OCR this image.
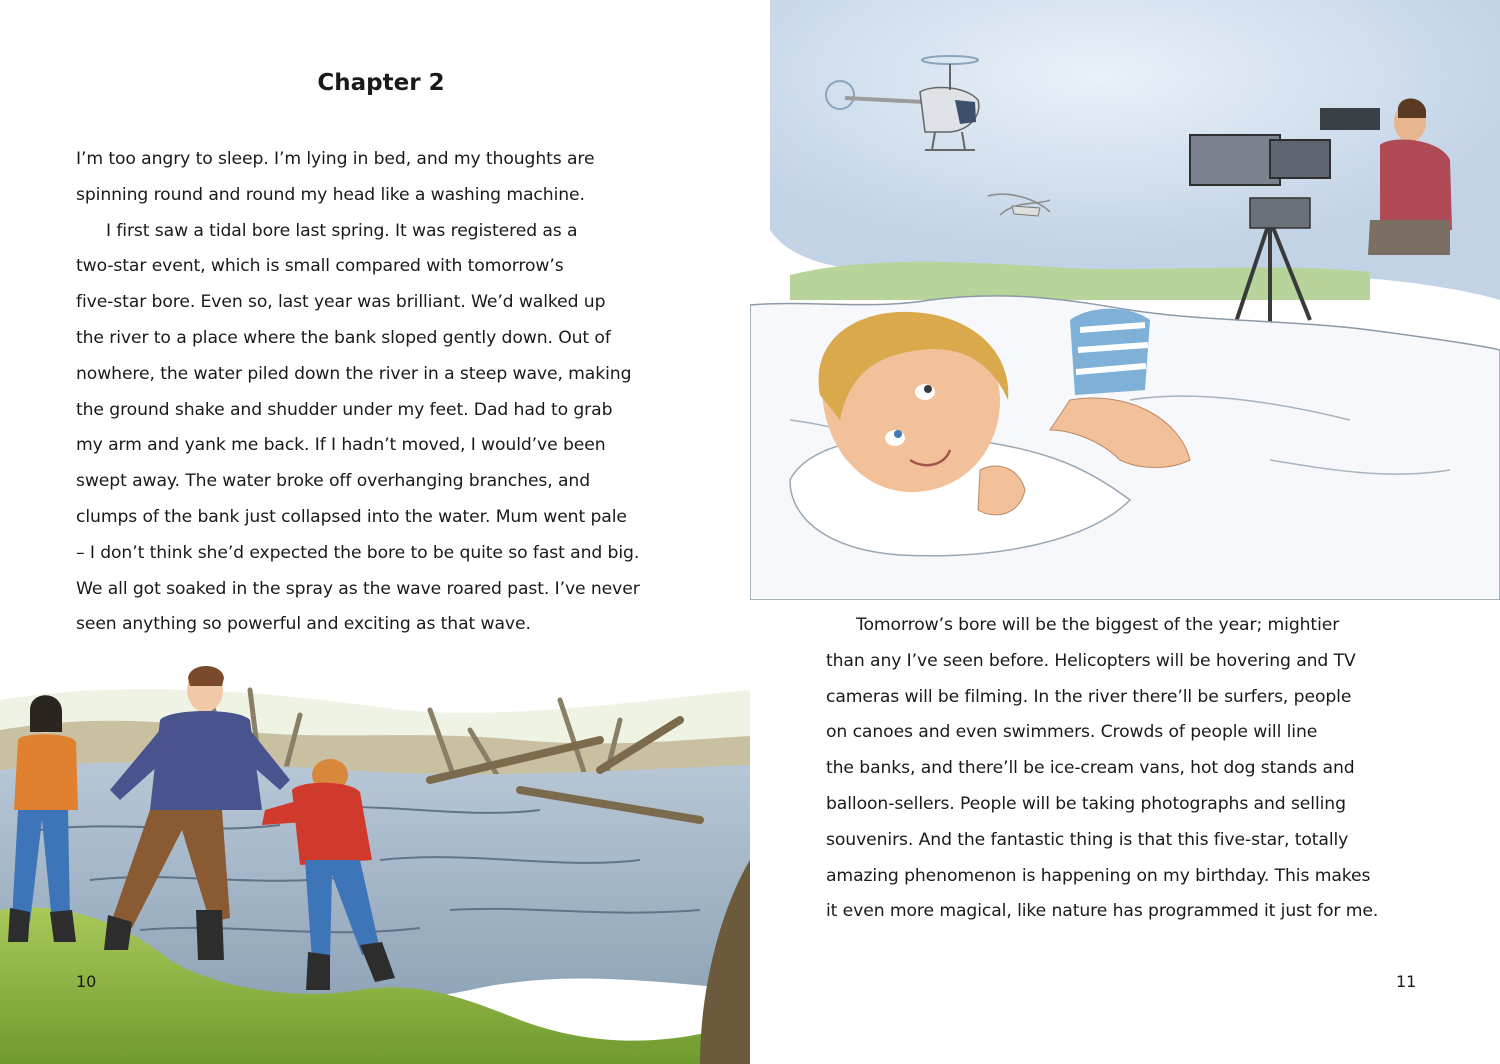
Chapter 2
I’m too angry to sleep. I’m lying in bed, and my thoughts are
spinning round and round my head like a washing machine.
I first saw a tidal bore last spring. It was registered as a
two-star event, which is small compared with tomorrow’s
five-star bore. Even so, last year was brilliant. We’d walked up
the river to a place where the bank sloped gently down. Out of
nowhere, the water piled down the river in a steep wave, making
the ground shake and shudder under my feet. Dad had to grab
my arm and yank me back. If I hadn’t moved, I would’ve been
swept away. The water broke off overhanging branches, and
clumps of the bank just collapsed into the water. Mum went pale
– I don’t think she’d expected the bore to be quite so fast and big.
We all got soaked in the spray as the wave roared past. I’ve never
seen anything so powerful and exciting as that wave.
10
Tomorrow’s bore will be the biggest of the year; mightier
than any I’ve seen before. Helicopters will be hovering and TV
cameras will be filming. In the river there’ll be surfers, people
on canoes and even swimmers. Crowds of people will line
the banks, and there’ll be ice-cream vans, hot dog stands and
balloon-sellers. People will be taking photographs and selling
souvenirs. And the fantastic thing is that this five-star, totally
amazing phenomenon is happening on my birthday. This makes
it even more magical, like nature has programmed it just for me.
11
